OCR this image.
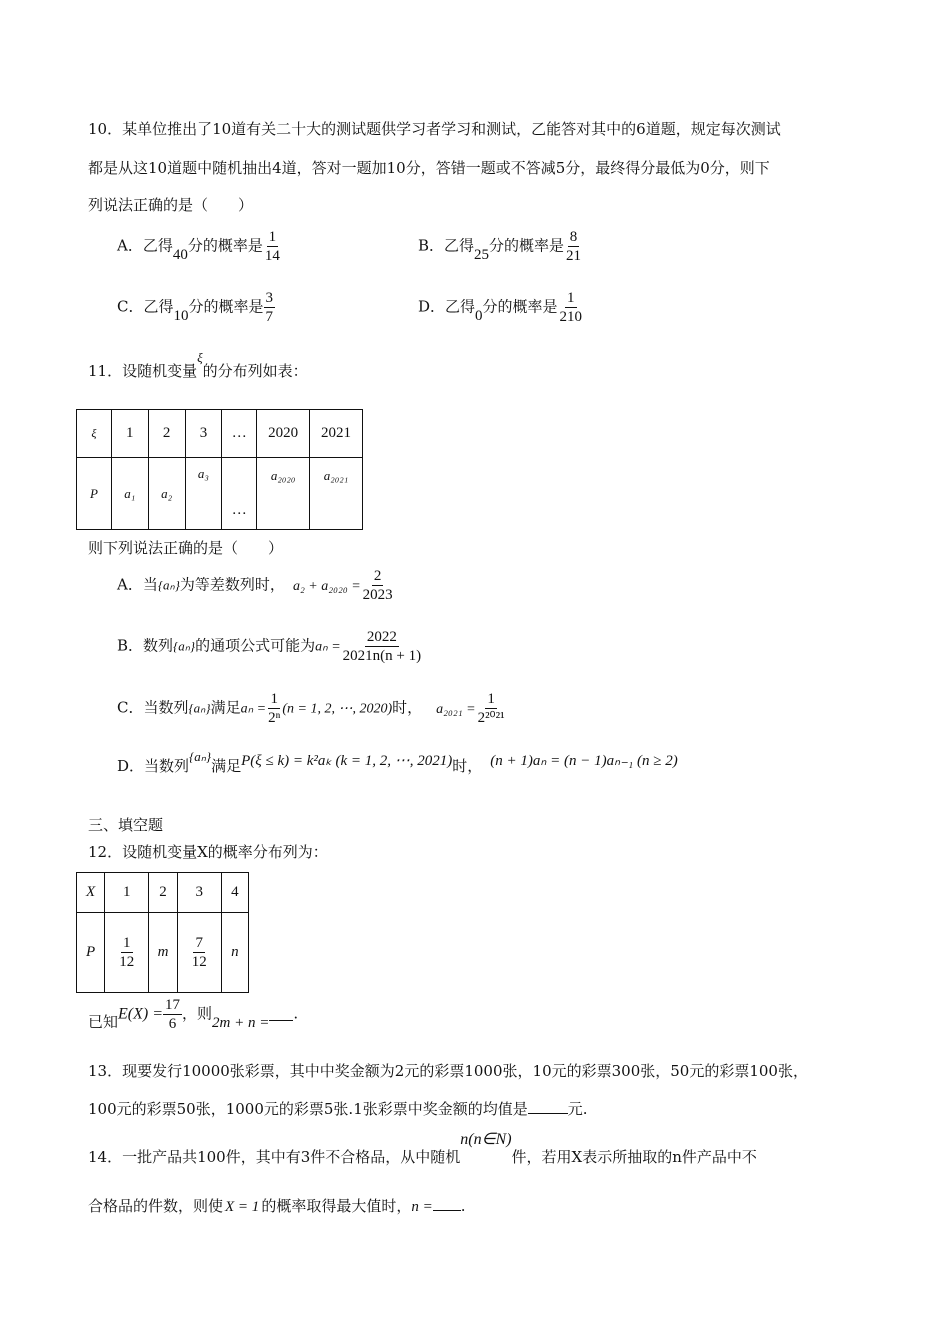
10．某单位推出了10道有关二十大的测试题供学习者学习和测试，乙能答对其中的6道题，规定每次测试
都是从这10道题中随机抽出4道，答对一题加10分，答错一题或不答减5分，最终得分最低为0分，则下
列说法正确的是（　　）
A．乙得40分的概率是 $\frac{1}{14}$	B．乙得25分的概率是 $\frac{8}{21}$
C．乙得10分的概率是 $\frac{3}{7}$	D．乙得0分的概率是 $\frac{1}{210}$
11．设随机变量ξ的分布列如表：
ξ	1	2	3	…	2020	2021
P	a₁	a₂	a₃	…	a₂₀₂₀	a₂₀₂₁
则下列说法正确的是（　　）
A．当{aₙ}为等差数列时， $a_2 + a_{2020} = \frac{2}{2023}$
B．数列{aₙ}的通项公式可能为$a_n = \frac{2022}{2021n(n + 1)}$
C．当数列{aₙ}满足$a_n = \frac{1}{\text{2ⁿ}} (n = 1$, 2, ⋯, 2020)时， $a_{2021} = \frac{1}{\text{2²⁰²¹}}$
D．当数列{aₙ}满足P(ξ ≤ k) = k²aₖ (k = 1, 2, ⋯, 2021)时， (n + 1)aₙ = (n − 1)aₙ₋₁ (n ≥ 2)
三、填空题
12．设随机变量X的概率分布列为：
X	1	2	3	4
P	$\frac{1}{12}$	m	$\frac{7}{12}$	n
已知$E(X) = \frac{17}{6}$ ，则2m + n = .
13．现要发行10000张彩票，其中中奖金额为2元的彩票1000张，10元的彩票300张，50元的彩票100张，
100元的彩票50张，1000元的彩票5张.1张彩票中奖金额的均值是	元.
14．一批产品共100件，其中有3件不合格品，从中随机n(n∈N)件，若用X表示所抽取的n件产品中不
合格品的件数，则使 X = 1 的概率取得最大值时，n = .
